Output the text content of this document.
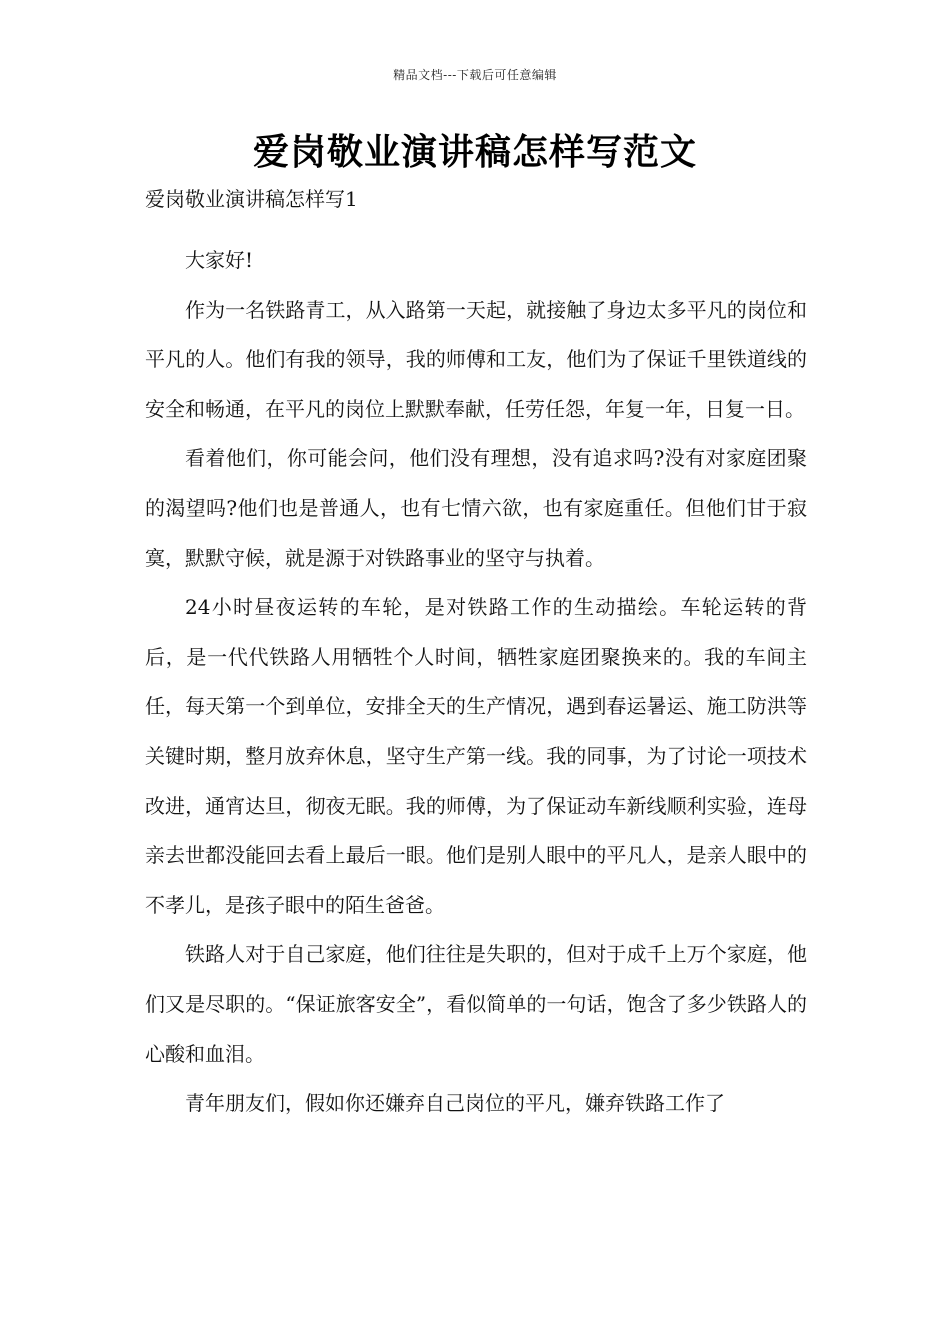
精品文档---下载后可任意编辑
爱岗敬业演讲稿怎样写范文

爱岗敬业演讲稿怎样写1

大家好!

作为一名铁路青工，从入路第一天起，就接触了身边太多平凡的岗位和平凡的人。他们有我的领导，我的师傅和工友，他们为了保证千里铁道线的安全和畅通，在平凡的岗位上默默奉献，任劳任怨，年复一年，日复一日。

看着他们，你可能会问，他们没有理想，没有追求吗?没有对家庭团聚的渴望吗?他们也是普通人，也有七情六欲，也有家庭重任。但他们甘于寂寞，默默守候，就是源于对铁路事业的坚守与执着。

24小时昼夜运转的车轮，是对铁路工作的生动描绘。车轮运转的背后，是一代代铁路人用牺牲个人时间，牺牲家庭团聚换来的。我的车间主任，每天第一个到单位，安排全天的生产情况，遇到春运暑运、施工防洪等关键时期，整月放弃休息，坚守生产第一线。我的同事，为了讨论一项技术改进，通宵达旦，彻夜无眠。我的师傅，为了保证动车新线顺利实验，连母亲去世都没能回去看上最后一眼。他们是别人眼中的平凡人，是亲人眼中的不孝儿，是孩子眼中的陌生爸爸。

铁路人对于自己家庭，他们往往是失职的，但对于成千上万个家庭，他们又是尽职的。“保证旅客安全”，看似简单的一句话，饱含了多少铁路人的心酸和血泪。

青年朋友们，假如你还嫌弃自己岗位的平凡，嫌弃铁路工作了
